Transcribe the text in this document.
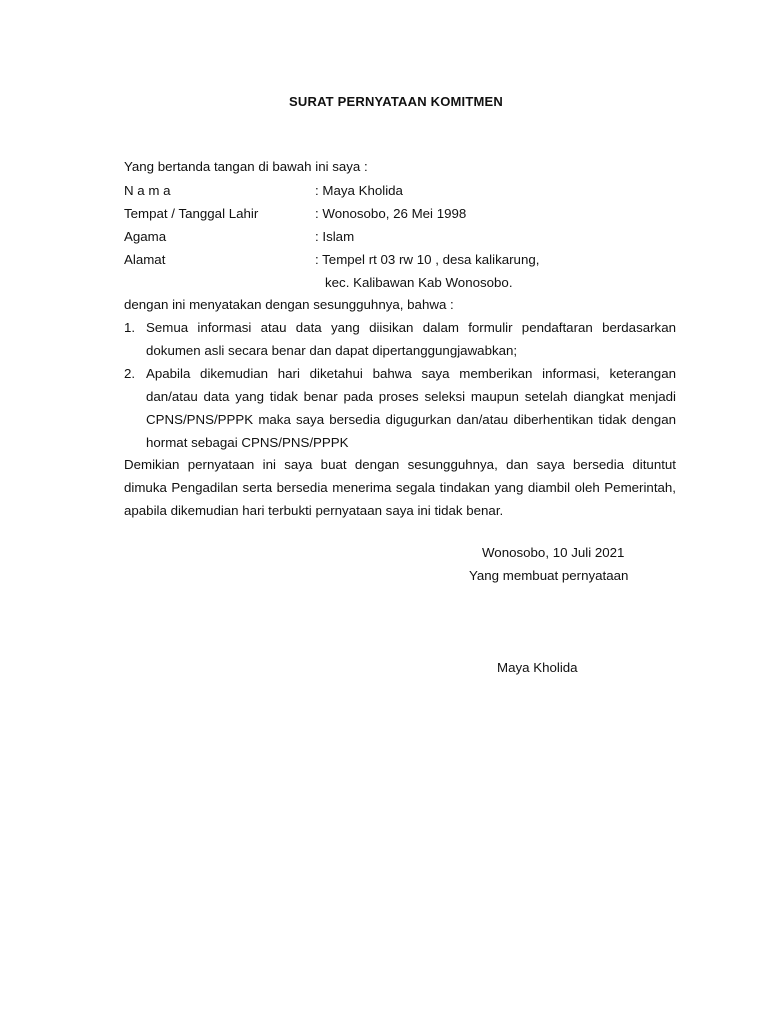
SURAT PERNYATAAN KOMITMEN
Yang bertanda tangan di bawah ini saya :
N a m a	: Maya Kholida
Tempat / Tanggal Lahir	: Wonosobo, 26 Mei 1998
Agama	: Islam
Alamat	: Tempel rt 03 rw 10 , desa kalikarung,
kec. Kalibawan Kab Wonosobo.
dengan ini menyatakan dengan sesungguhnya, bahwa :
1. Semua informasi atau data yang diisikan dalam formulir pendaftaran berdasarkan dokumen asli secara benar dan dapat dipertanggungjawabkan;
2. Apabila dikemudian hari diketahui bahwa saya memberikan informasi, keterangan dan/atau data yang tidak benar pada proses seleksi maupun setelah diangkat menjadi CPNS/PNS/PPPK maka saya bersedia digugurkan dan/atau diberhentikan tidak dengan hormat sebagai CPNS/PNS/PPPK
Demikian pernyataan ini saya buat dengan sesungguhnya, dan saya bersedia dituntut dimuka Pengadilan serta bersedia menerima segala tindakan yang diambil oleh Pemerintah, apabila dikemudian hari terbukti pernyataan saya ini tidak benar.
Wonosobo, 10 Juli 2021
Yang membuat pernyataan
Maya Kholida
